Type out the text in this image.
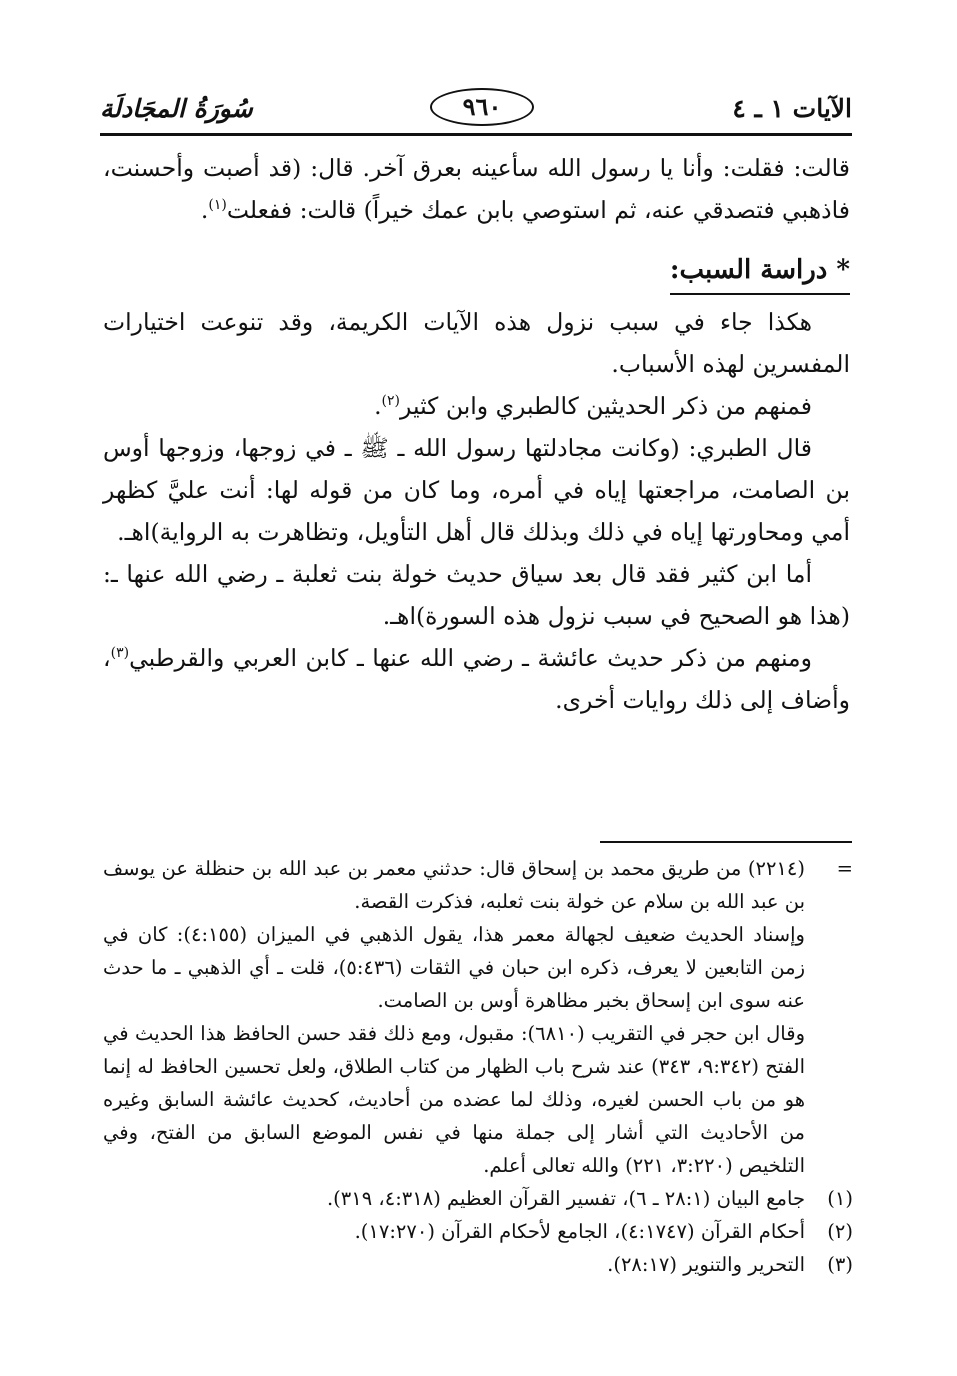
الآيات ١ ـ ٤
٩٦٠
سُورَةُ المجَادلَة

قالت: فقلت: وأنا يا رسول الله سأعينه بعرق آخر. قال: (قد أصبت وأحسنت، فاذهبي فتصدقي عنه، ثم استوصي بابن عمك خيراً) قالت: ففعلت$^{(١)}$.

* دراسة السبب:

هكذا جاء في سبب نزول هذه الآيات الكريمة، وقد تنوعت اختيارات المفسرين لهذه الأسباب.

فمنهم من ذكر الحديثين كالطبري وابن كثير$^{(٢)}$.

قال الطبري: (وكانت مجادلتها رسول الله ـ ﷺ ـ في زوجها، وزوجها أوس بن الصامت، مراجعتها إياه في أمره، وما كان من قوله لها: أنت عليَّ كظهر أمي ومحاورتها إياه في ذلك وبذلك قال أهل التأويل، وتظاهرت به الرواية)اهـ.

أما ابن كثير فقد قال بعد سياق حديث خولة بنت ثعلبة ـ رضي الله عنها ـ: (هذا هو الصحيح في سبب نزول هذه السورة)اهـ.

ومنهم من ذكر حديث عائشة ـ رضي الله عنها ـ كابن العربي والقرطبي$^{(٣)}$، وأضاف إلى ذلك روايات أخرى.

=

(٢٢١٤) من طريق محمد بن إسحاق قال: حدثني معمر بن عبد الله بن حنظلة عن يوسف بن عبد الله بن سلام عن خولة بنت ثعلبه، فذكرت القصة.

وإسناد الحديث ضعيف لجهالة معمر هذا، يقول الذهبي في الميزان (٤:١٥٥): كان في زمن التابعين لا يعرف، ذكره ابن حبان في الثقات (٥:٤٣٦)، قلت ـ أي الذهبي ـ ما حدث عنه سوى ابن إسحاق بخبر مظاهرة أوس بن الصامت.

وقال ابن حجر في التقريب (٦٨١٠): مقبول، ومع ذلك فقد حسن الحافظ هذا الحديث في الفتح (٩:٣٤٢، ٣٤٣) عند شرح باب الظهار من كتاب الطلاق، ولعل تحسين الحافظ له إنما هو من باب الحسن لغيره، وذلك لما عضده من أحاديث، كحديث عائشة السابق وغيره من الأحاديث التي أشار إلى جملة منها في نفس الموضع السابق من الفتح، وفي التلخيص (٣:٢٢٠، ٢٢١) والله تعالى أعلم.

(١)
جامع البيان (٢٨:١ ـ ٦)، تفسير القرآن العظيم (٤:٣١٨، ٣١٩).
(٢)
أحكام القرآن (٤:١٧٤٧)، الجامع لأحكام القرآن (١٧:٢٧٠).
(٣)
التحرير والتنوير (٢٨:١٧).
